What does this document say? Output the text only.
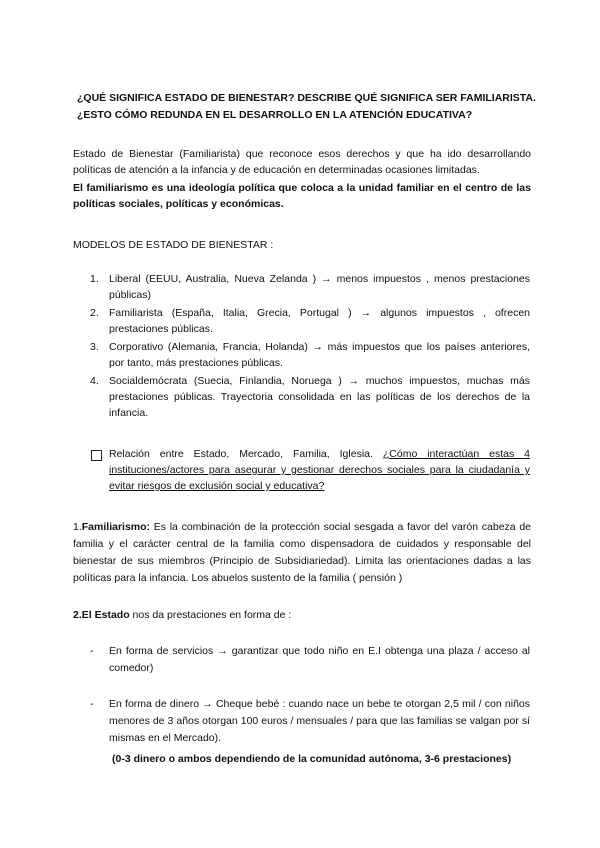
¿QUÉ SIGNIFICA ESTADO DE BIENESTAR? DESCRIBE QUÉ SIGNIFICA SER FAMILIARISTA.
¿ESTO CÓMO REDUNDA EN EL DESARROLLO EN LA ATENCIÓN EDUCATIVA?
Estado de Bienestar (Familiarista) que reconoce esos derechos y que ha ido desarrollando políticas de atención a la infancia y de educación en determinadas ocasiones limitadas.
El familiarismo es una ideología política que coloca a la unidad familiar en el centro de las políticas sociales, políticas y económicas.
MODELOS DE ESTADO DE BIENESTAR :
1. Liberal (EEUU, Australia, Nueva Zelanda ) → menos impuestos , menos prestaciones públicas)
2. Familiarista (España, Italia, Grecia, Portugal ) → algunos impuestos , ofrecen prestaciones públicas.
3. Corporativo (Alemania, Francia, Holanda) → más impuestos que los países anteriores, por tanto, más prestaciones públicas.
4. Socialdemócrata (Suecia, Finlandia, Noruega ) → muchos impuestos, muchas más prestaciones públicas. Trayectoria consolidada en las políticas de los derechos de la infancia.
Relación entre Estado, Mercado, Familia, Iglesia. ¿Cómo interactúan estas 4 instituciones/actores para asegurar y gestionar derechos sociales para la ciudadanía y evitar riesgos de exclusión social y educativa?
1.Familiarismo: Es la combinación de la protección social sesgada a favor del varón cabeza de familia y el carácter central de la familia como dispensadora de cuidados y responsable del bienestar de sus miembros (Principio de Subsidiariedad). Limita las orientaciones dadas a las políticas para la infancia. Los abuelos sustento de la familia ( pensión )
2.El Estado nos da prestaciones en forma de :
- En forma de servicios → garantizar que todo niño en E.I obtenga una plaza / acceso al comedor)
- En forma de dinero → Cheque bebé : cuando nace un bebe te otorgan 2,5 mil / con niños menores de 3 años otorgan 100 euros / mensuales / para que las familias se valgan por sí mismas en el Mercado).
(0-3 dinero o ambos dependiendo de la comunidad autónoma, 3-6 prestaciones)
